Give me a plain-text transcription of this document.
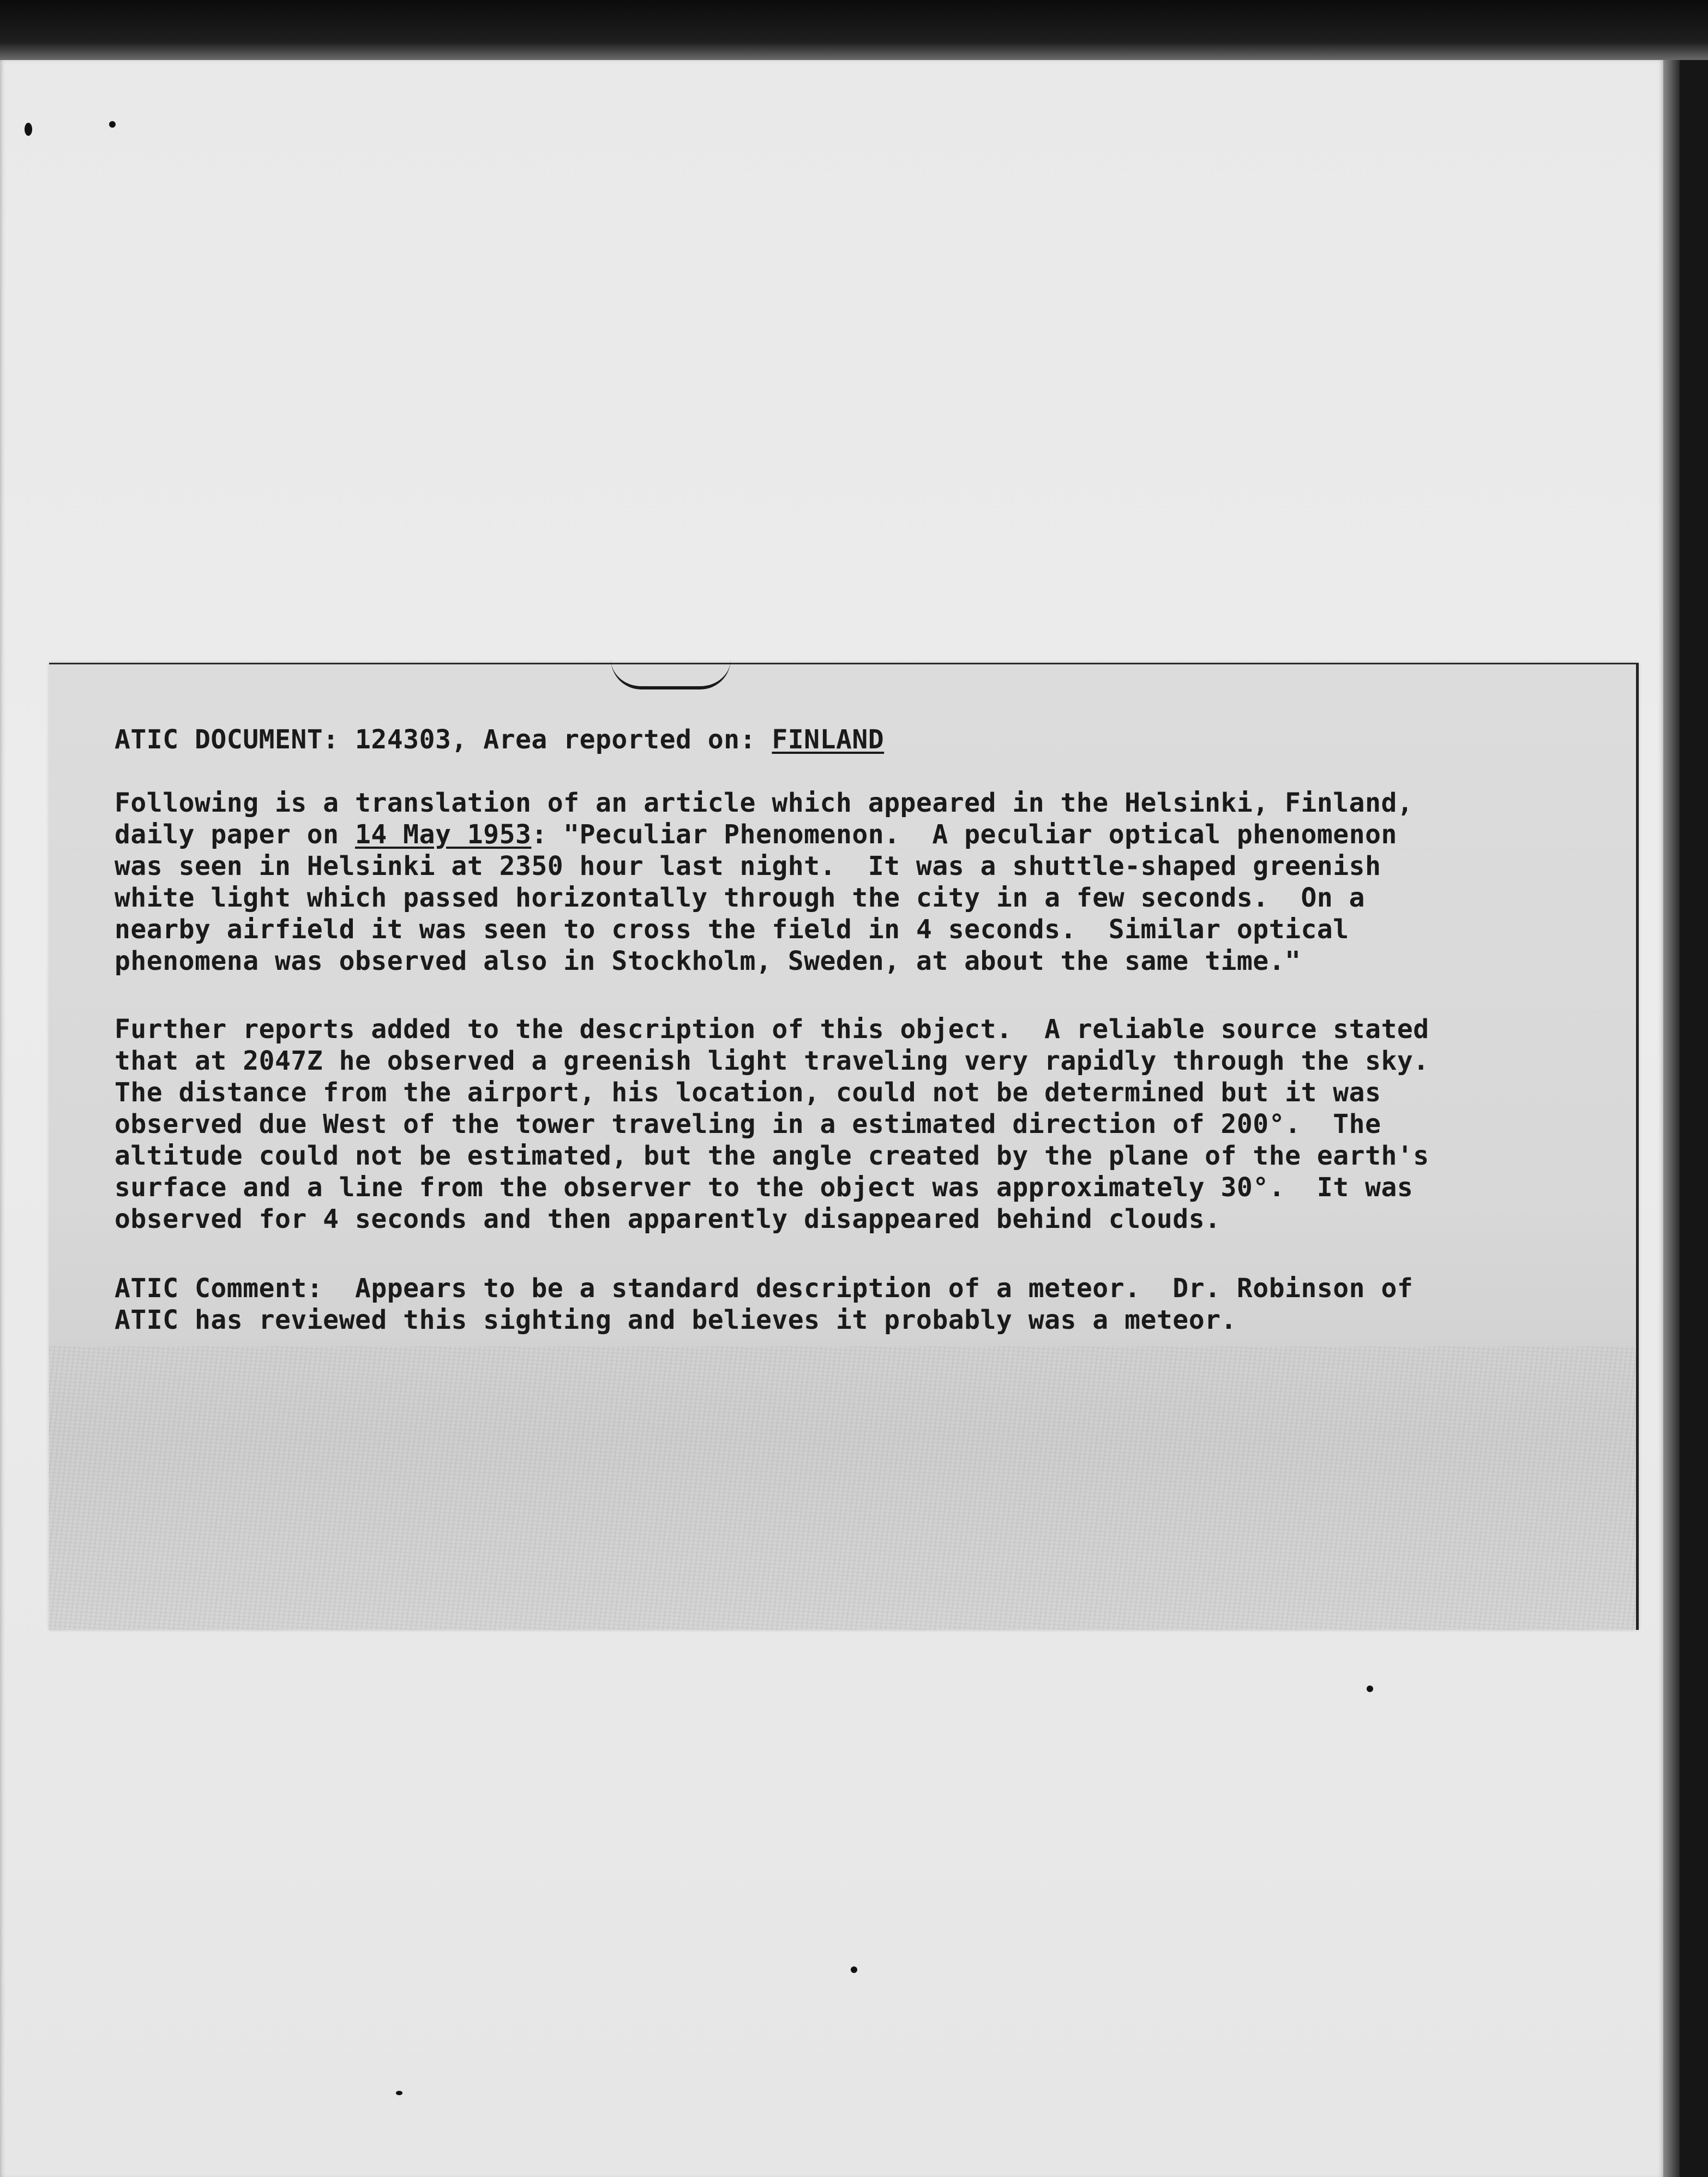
ATIC DOCUMENT: 124303, Area reported on: FINLAND
Following is a translation of an article which appeared in the Helsinki, Finland,
daily paper on 14 May 1953: "Peculiar Phenomenon.  A peculiar optical phenomenon
was seen in Helsinki at 2350 hour last night.  It was a shuttle-shaped greenish
white light which passed horizontally through the city in a few seconds.  On a
nearby airfield it was seen to cross the field in 4 seconds.  Similar optical
phenomena was observed also in Stockholm, Sweden, at about the same time."
Further reports added to the description of this object.  A reliable source stated
that at 2047Z he observed a greenish light traveling very rapidly through the sky.
The distance from the airport, his location, could not be determined but it was
observed due West of the tower traveling in a estimated direction of 200°.  The
altitude could not be estimated, but the angle created by the plane of the earth's
surface and a line from the observer to the object was approximately 30°.  It was
observed for 4 seconds and then apparently disappeared behind clouds.
ATIC Comment:  Appears to be a standard description of a meteor.  Dr. Robinson of
ATIC has reviewed this sighting and believes it probably was a meteor.
